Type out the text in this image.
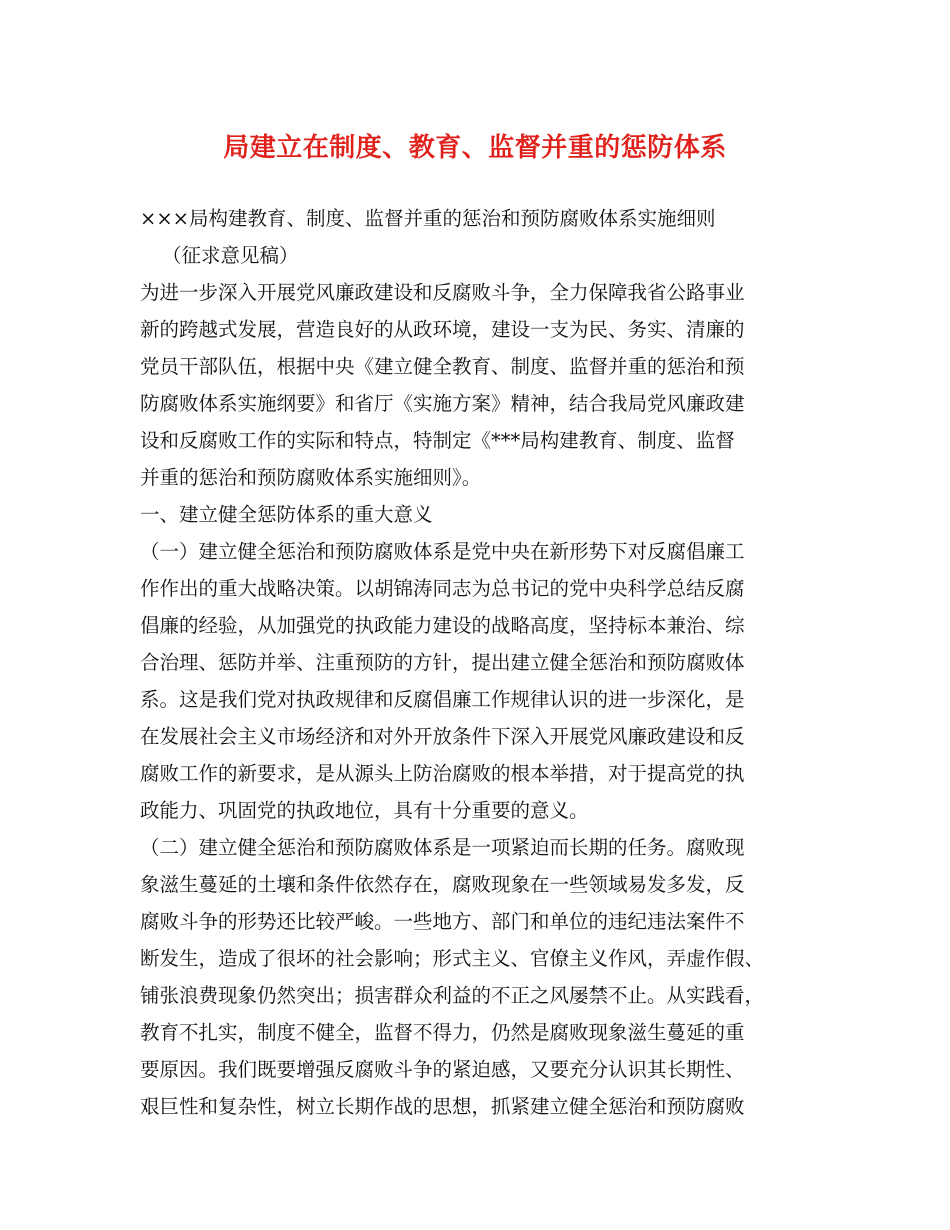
局建立在制度、教育、监督并重的惩防体系
×××局构建教育、制度、监督并重的惩治和预防腐败体系实施细则
（征求意见稿）
为进一步深入开展党风廉政建设和反腐败斗争，全力保障我省公路事业
新的跨越式发展，营造良好的从政环境，建设一支为民、务实、清廉的
党员干部队伍，根据中央《建立健全教育、制度、监督并重的惩治和预
防腐败体系实施纲要》和省厅《实施方案》精神，结合我局党风廉政建
设和反腐败工作的实际和特点，特制定《***局构建教育、制度、监督
并重的惩治和预防腐败体系实施细则》。
一、建立健全惩防体系的重大意义
（一）建立健全惩治和预防腐败体系是党中央在新形势下对反腐倡廉工
作作出的重大战略决策。以胡锦涛同志为总书记的党中央科学总结反腐
倡廉的经验，从加强党的执政能力建设的战略高度，坚持标本兼治、综
合治理、惩防并举、注重预防的方针，提出建立健全惩治和预防腐败体
系。这是我们党对执政规律和反腐倡廉工作规律认识的进一步深化，是
在发展社会主义市场经济和对外开放条件下深入开展党风廉政建设和反
腐败工作的新要求，是从源头上防治腐败的根本举措，对于提高党的执
政能力、巩固党的执政地位，具有十分重要的意义。
（二）建立健全惩治和预防腐败体系是一项紧迫而长期的任务。腐败现
象滋生蔓延的土壤和条件依然存在，腐败现象在一些领域易发多发，反
腐败斗争的形势还比较严峻。一些地方、部门和单位的违纪违法案件不
断发生，造成了很坏的社会影响；形式主义、官僚主义作风，弄虚作假、
铺张浪费现象仍然突出；损害群众利益的不正之风屡禁不止。从实践看，
教育不扎实，制度不健全，监督不得力，仍然是腐败现象滋生蔓延的重
要原因。我们既要增强反腐败斗争的紧迫感，又要充分认识其长期性、
艰巨性和复杂性，树立长期作战的思想，抓紧建立健全惩治和预防腐败
